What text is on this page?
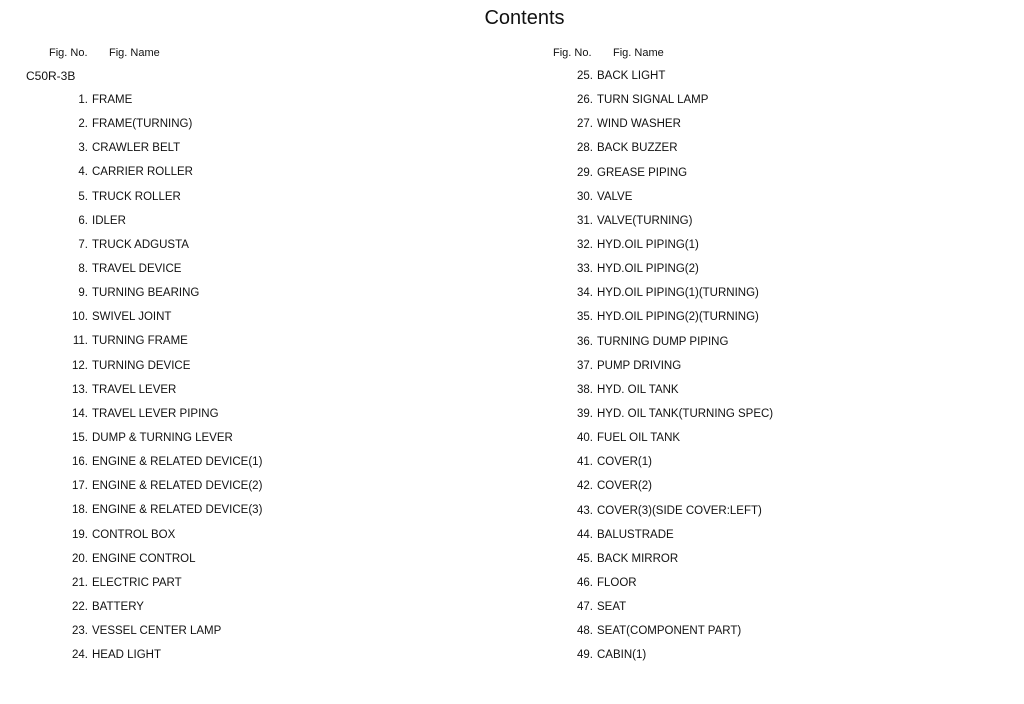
Contents
Fig. No. Fig. Name
C50R-3B
1. FRAME
2. FRAME(TURNING)
3. CRAWLER BELT
4. CARRIER ROLLER
5. TRUCK ROLLER
6. IDLER
7. TRUCK ADGUSTA
8. TRAVEL DEVICE
9. TURNING BEARING
10. SWIVEL JOINT
11. TURNING FRAME
12. TURNING DEVICE
13. TRAVEL LEVER
14. TRAVEL LEVER PIPING
15. DUMP & TURNING LEVER
16. ENGINE & RELATED DEVICE(1)
17. ENGINE & RELATED DEVICE(2)
18. ENGINE & RELATED DEVICE(3)
19. CONTROL BOX
20. ENGINE CONTROL
21. ELECTRIC PART
22. BATTERY
23. VESSEL CENTER LAMP
24. HEAD LIGHT
Fig. No. Fig. Name
25. BACK LIGHT
26. TURN SIGNAL LAMP
27. WIND WASHER
28. BACK BUZZER
29. GREASE PIPING
30. VALVE
31. VALVE(TURNING)
32. HYD.OIL PIPING(1)
33. HYD.OIL PIPING(2)
34. HYD.OIL PIPING(1)(TURNING)
35. HYD.OIL PIPING(2)(TURNING)
36. TURNING DUMP PIPING
37. PUMP DRIVING
38. HYD. OIL TANK
39. HYD. OIL TANK(TURNING SPEC)
40. FUEL OIL TANK
41. COVER(1)
42. COVER(2)
43. COVER(3)(SIDE COVER:LEFT)
44. BALUSTRADE
45. BACK MIRROR
46. FLOOR
47. SEAT
48. SEAT(COMPONENT PART)
49. CABIN(1)
